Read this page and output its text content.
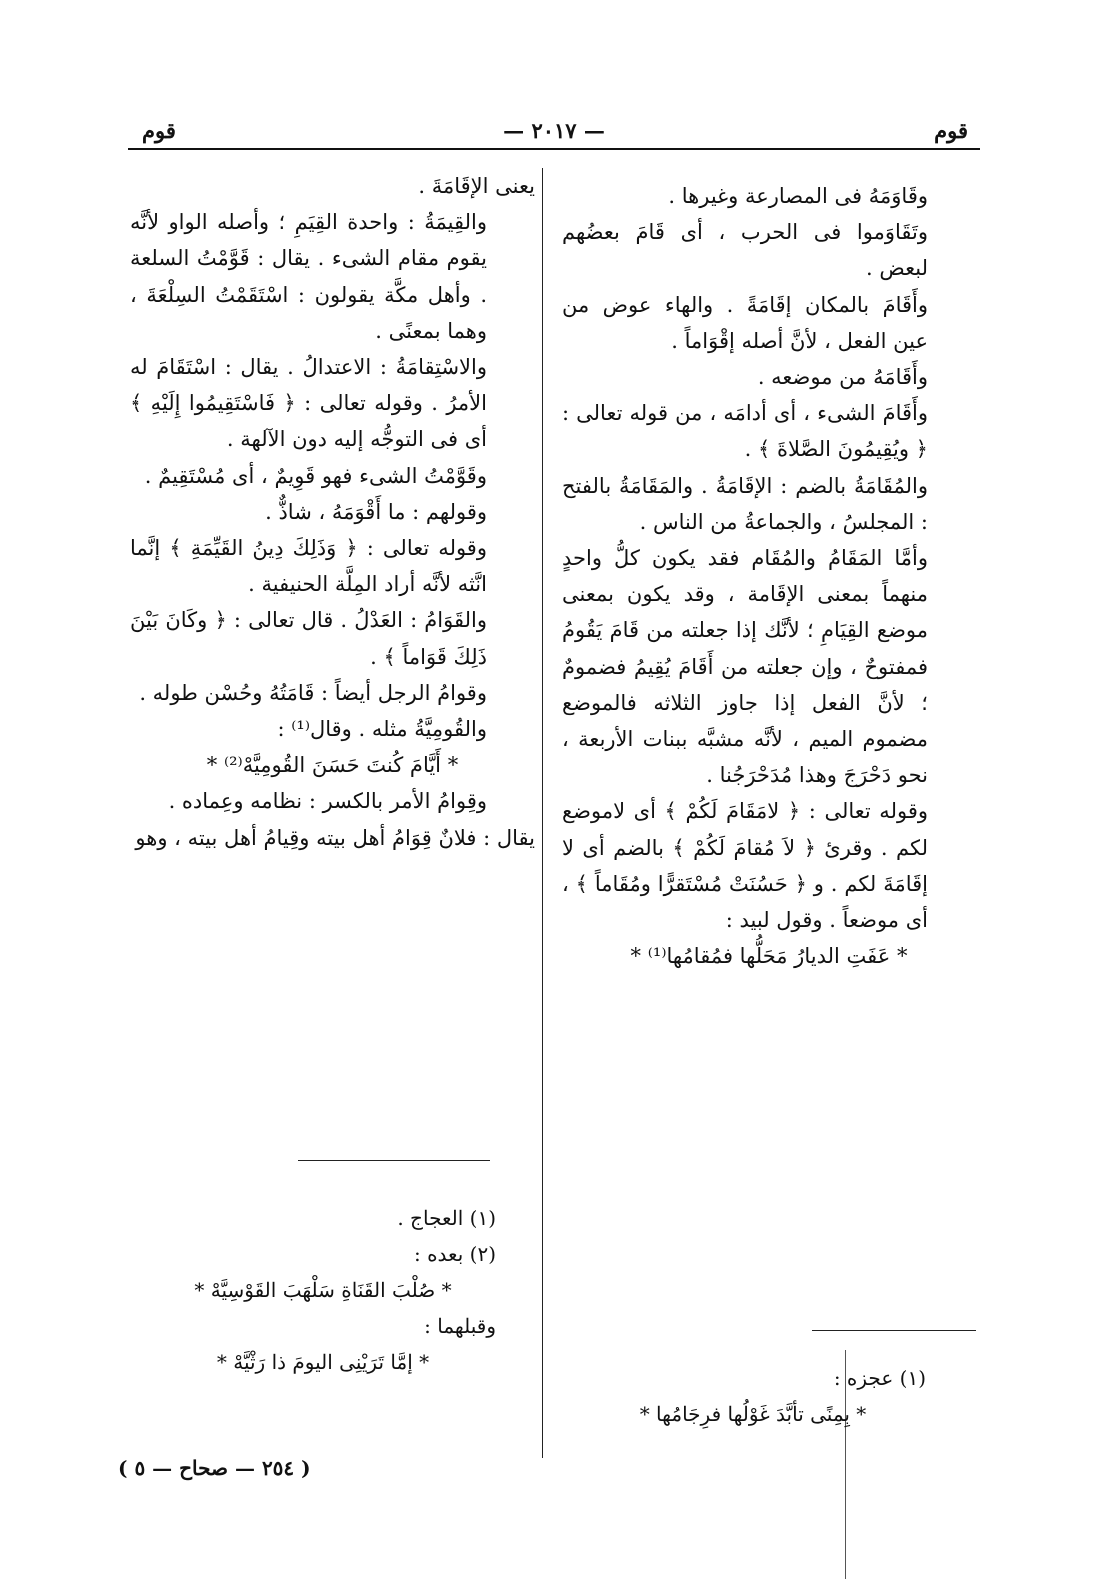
قوم	— ٢٠١٧ —	قوم

وقَاوَمَهُ فى المصارعة وغيرها .

وتَقَاوَموا فى الحرب ، أى قَامَ بعضُهم لبعض .

وأَقَامَ بالمكان إقَامَةً . والهاء عوض من عين الفعل ، لأنَّ أصله إقْوَاماً .

وأَقَامَهُ من موضعه .

وأَقَامَ الشىء ، أى أدامَه ، من قوله تعالى : ﴿ ويُقِيمُونَ الصَّلاةَ ﴾ .

والمُقَامَةُ بالضم : الإقَامَةُ . والمَقَامَةُ بالفتح : المجلسُ ، والجماعةُ من الناس .

وأمَّا المَقَامُ والمُقَام فقد يكون كلُّ واحدٍ منهماً بمعنى الإقَامة ، وقد يكون بمعنى موضع القِيَامِ ؛ لأنَّك إذا جعلته من قَامَ يَقُومُ فمفتوحٌ ، وإن جعلته من أَقَامَ يُقِيمُ فضمومٌ ؛ لأنَّ الفعل إذا جاوز الثلاثه فالموضع مضموم الميم ، لأنَّه مشبَّه ببنات الأربعة ، نحو دَحْرَجَ وهذا مُدَحْرَجُنا .

وقوله تعالى : ﴿ لامَقَامَ لَكُمْ ﴾ أى لاموضع لكم . وقرئ ﴿ لاَ مُقامَ لَكُمْ ﴾ بالضم أى لا إقَامَةَ لكم . و ﴿ حَسُنَتْ مُسْتَقرًّا ومُقَاماً ﴾ ، أى موضعاً . وقول لبيد :

* عَفَتِ الديارُ مَحَلُّها فمُقامُها⁽¹⁾ *

يعنى الإقَامَةَ .

والقِيمَةُ : واحدة القِيَمِ ؛ وأصله الواو لأنَّه يقوم مقام الشىء . يقال : قَوَّمْتُ السلعة . وأهل مكَّة يقولون : اسْتَقَمْتُ السِلْعَةَ ، وهما بمعنًى .

والاسْتِقامَةُ : الاعتدالُ . يقال : اسْتَقَامَ له الأمرُ . وقوله تعالى : ﴿ فَاسْتَقِيمُوا إِلَيْهِ ﴾ أى فى التوجُّه إليه دون الآلهة .

وقَوَّمْتُ الشىء فهو قَوِيمٌ ، أى مُسْتَقِيمٌ .

وقولهم : ما أَقْوَمَهُ ، شاذٌّ .

وقوله تعالى : ﴿ وَذَلِكَ دِينُ القَيِّمَةِ ﴾ إنَّما انَّثه لأنَّه أراد المِلَّة الحنيفية .

والقَوَامُ : العَدْلُ . قال تعالى : ﴿ وكَانَ بَيْنَ ذَلِكَ قَوَاماً ﴾ .

وقوامُ الرجل أيضاً : قَامَتُهُ وحُسْن طوله .

والقُومِيَّةُ مثله . وقال⁽¹⁾ :

* أَيَّامَ كُنتَ حَسَنَ القُومِيَّهْ⁽²⁾ *

وقِوامُ الأمر بالكسر : نظامه وعِماده .

يقال : فلانٌ قِوَامُ أهل بيته وقِيامُ أهل بيته ، وهو

(١) العجاج .

(٢) بعده :

* صُلْبَ القَنَاةِ سَلْهَبَ القَوْسِيَّهْ *

وقبلهما :

* إمَّا تَرَيْنِى اليومَ ذا رَثْيَّهْ *

(١) عجزه :

* بِمِنًى تأبَّدَ غَوْلُها فرِجَامُها *

( ٢٥٤ — صحاح — ٥ )
